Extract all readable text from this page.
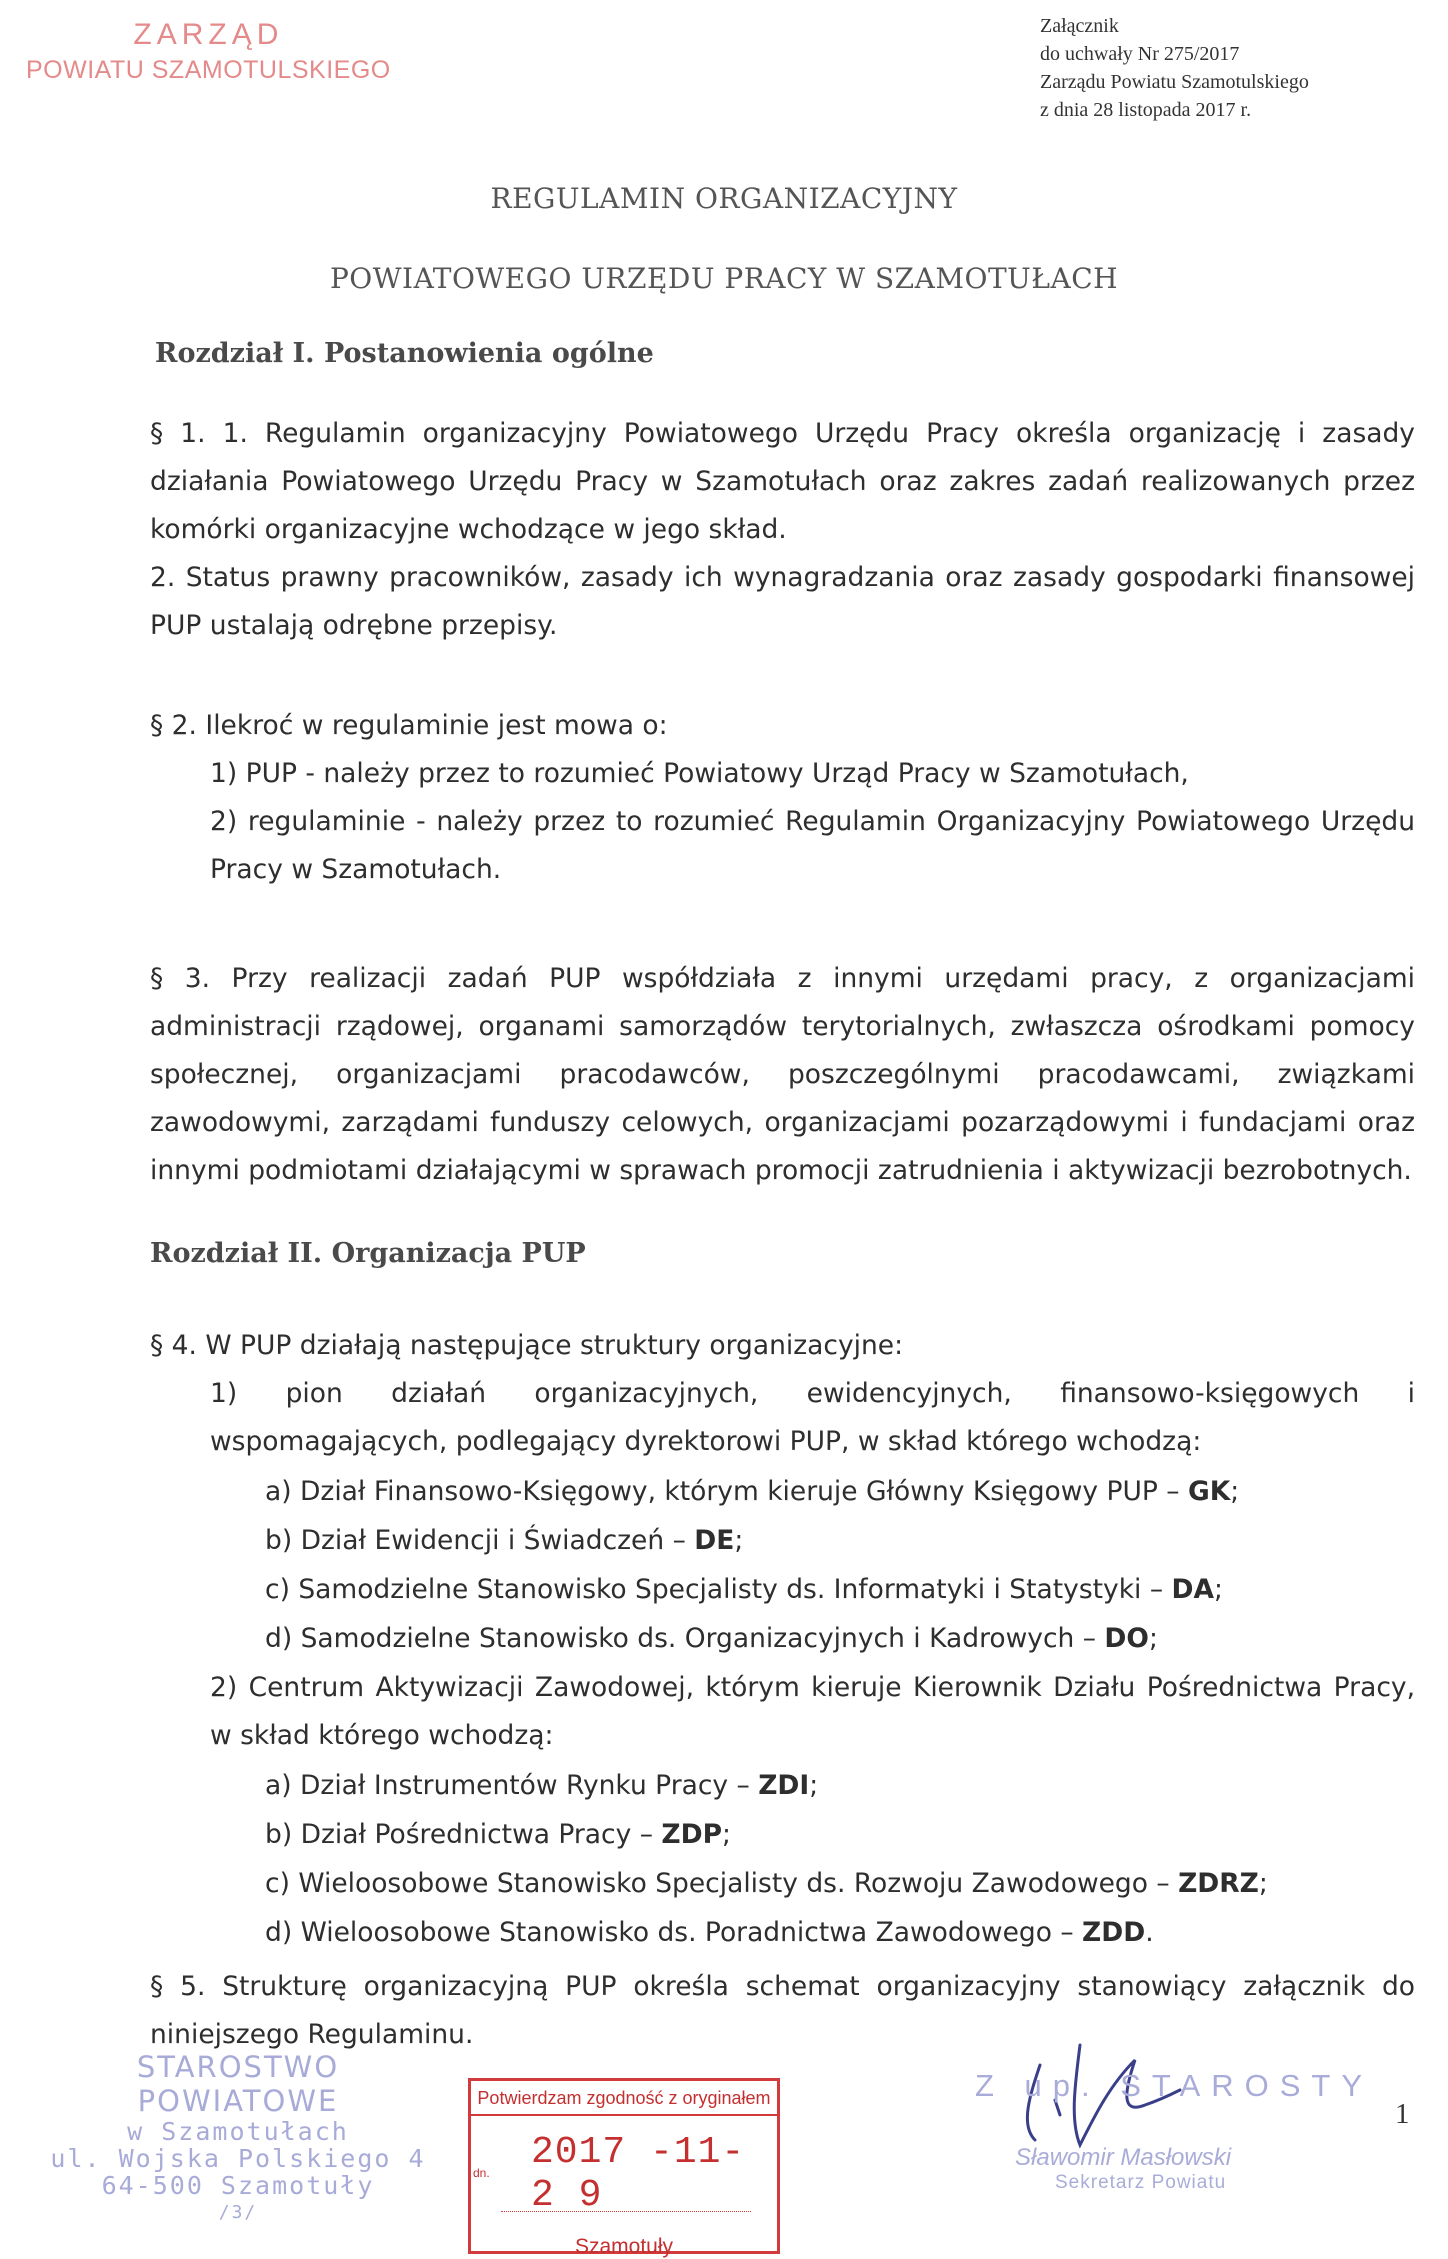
ZARZĄD
POWIATU SZAMOTULSKIEGO
Załącznik
do uchwały Nr 275/2017
Zarządu Powiatu Szamotulskiego
z dnia 28 listopada 2017 r.
REGULAMIN ORGANIZACYJNY
POWIATOWEGO URZĘDU PRACY W SZAMOTUŁACH
Rozdział I. Postanowienia ogólne
§ 1. 1. Regulamin organizacyjny Powiatowego Urzędu Pracy określa organizację i zasady działania Powiatowego Urzędu Pracy w Szamotułach oraz zakres zadań realizowanych przez komórki organizacyjne wchodzące w jego skład.
2. Status prawny pracowników, zasady ich wynagradzania oraz zasady gospodarki finansowej PUP ustalają odrębne przepisy.
§ 2. Ilekroć w regulaminie jest mowa o:
1) PUP - należy przez to rozumieć Powiatowy Urząd Pracy w Szamotułach,
2) regulaminie - należy przez to rozumieć Regulamin Organizacyjny Powiatowego Urzędu Pracy w Szamotułach.
§ 3. Przy realizacji zadań PUP współdziała z innymi urzędami pracy, z organizacjami administracji rządowej, organami samorządów terytorialnych, zwłaszcza ośrodkami pomocy społecznej, organizacjami pracodawców, poszczególnymi pracodawcami, związkami zawodowymi, zarządami funduszy celowych, organizacjami pozarządowymi i fundacjami oraz innymi podmiotami działającymi w sprawach promocji zatrudnienia i aktywizacji bezrobotnych.
Rozdział II. Organizacja PUP
§ 4. W PUP działają następujące struktury organizacyjne:
1) pion działań organizacyjnych, ewidencyjnych, finansowo-księgowych i wspomagających, podlegający dyrektorowi PUP, w skład którego wchodzą:
a) Dział Finansowo-Księgowy, którym kieruje Główny Księgowy PUP – GK;
b) Dział Ewidencji i Świadczeń – DE;
c) Samodzielne Stanowisko Specjalisty ds. Informatyki i Statystyki – DA;
d) Samodzielne Stanowisko ds. Organizacyjnych i Kadrowych – DO;
2) Centrum Aktywizacji Zawodowej, którym kieruje Kierownik Działu Pośrednictwa Pracy, w skład którego wchodzą:
a) Dział Instrumentów Rynku Pracy – ZDI;
b) Dział Pośrednictwa Pracy – ZDP;
c) Wieloosobowe Stanowisko Specjalisty ds. Rozwoju Zawodowego – ZDRZ;
d) Wieloosobowe Stanowisko ds. Poradnictwa Zawodowego – ZDD.
§ 5. Strukturę organizacyjną PUP określa schemat organizacyjny stanowiący załącznik do niniejszego Regulaminu.
STAROSTWO POWIATOWE
w Szamotułach
ul. Wojska Polskiego 4
64-500 Szamotuły
/3/
Potwierdzam zgodność z oryginałem
dn. 2017 -11- 2 9
Szamotuły
Z up. STAROSTY
Sławomir Masłowski
Sekretarz Powiatu
1
